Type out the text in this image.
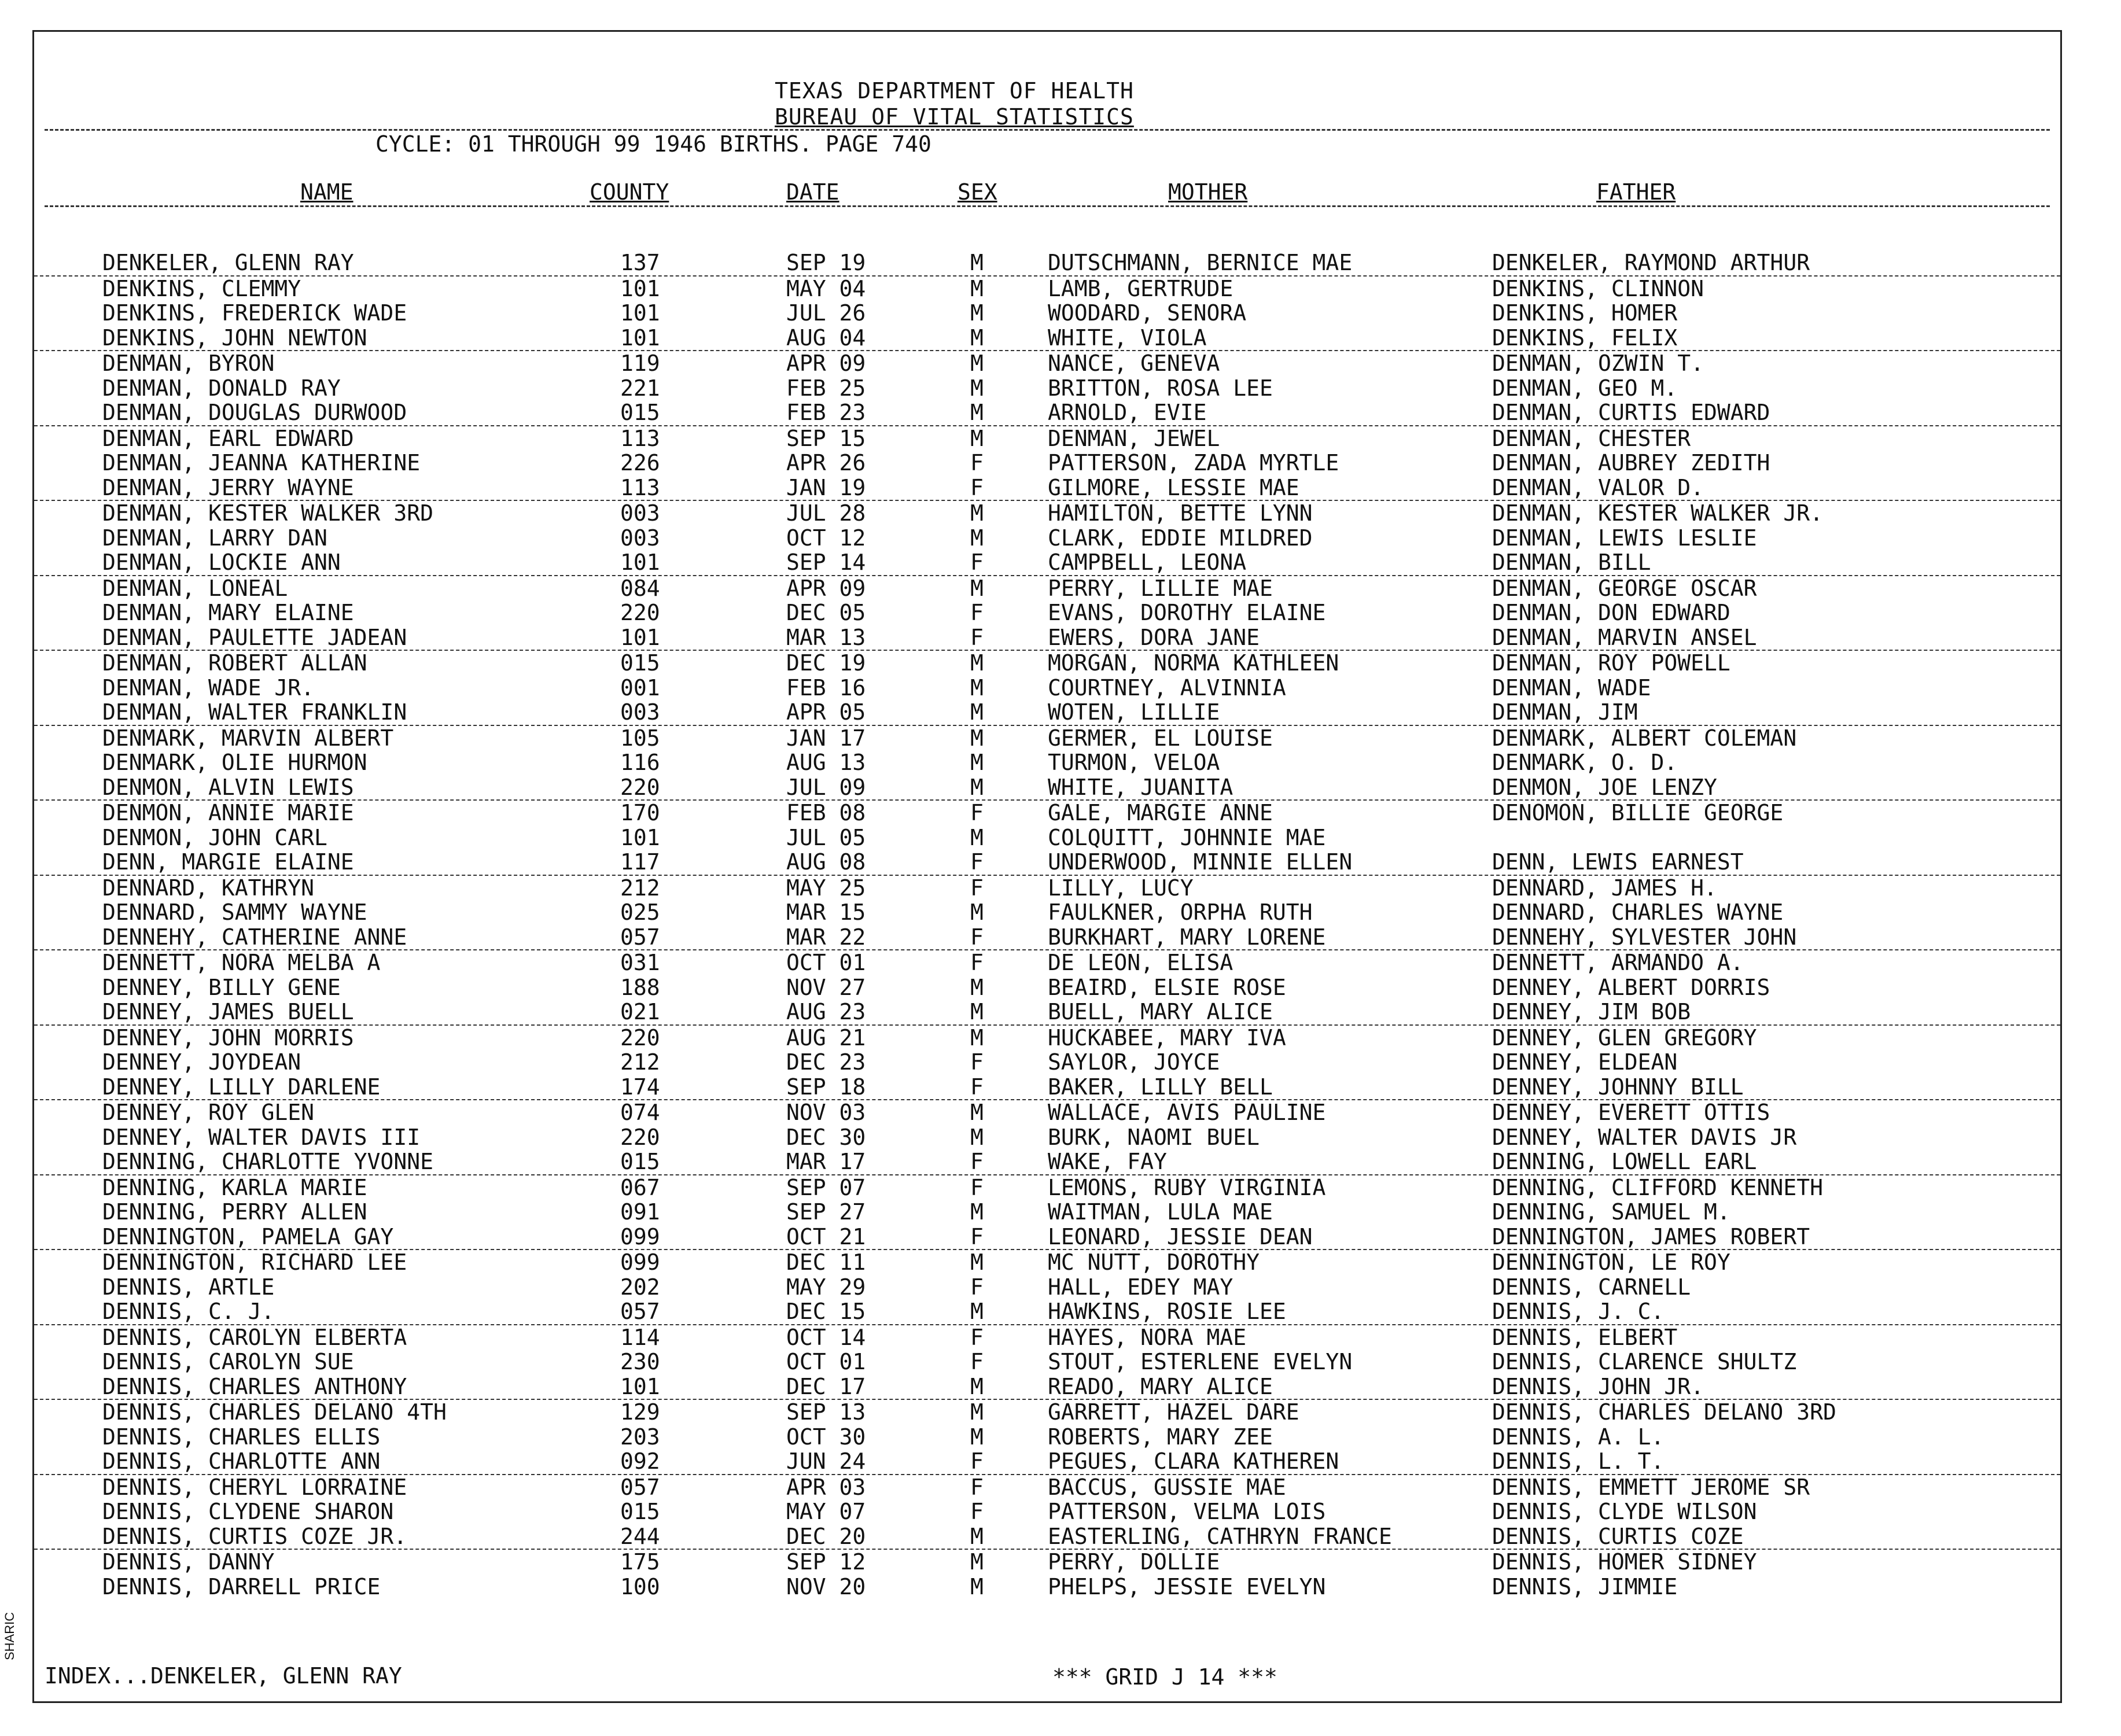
TEXAS DEPARTMENT OF HEALTH
BUREAU OF VITAL STATISTICS
CYCLE: 01 THROUGH 99 1946 BIRTHS. PAGE 740
NAME	COUNTY	DATE	SEX	MOTHER	FATHER
DENKELER, GLENN RAY	137	SEP 19	M	DUTSCHMANN, BERNICE MAE	DENKELER, RAYMOND ARTHUR
DENKINS, CLEMMY	101	MAY 04	M	LAMB, GERTRUDE	DENKINS, CLINNON
DENKINS, FREDERICK WADE	101	JUL 26	M	WOODARD, SENORA	DENKINS, HOMER
DENKINS, JOHN NEWTON	101	AUG 04	M	WHITE, VIOLA	DENKINS, FELIX
DENMAN, BYRON	119	APR 09	M	NANCE, GENEVA	DENMAN, OZWIN T.
DENMAN, DONALD RAY	221	FEB 25	M	BRITTON, ROSA LEE	DENMAN, GEO M.
DENMAN, DOUGLAS DURWOOD	015	FEB 23	M	ARNOLD, EVIE	DENMAN, CURTIS EDWARD
DENMAN, EARL EDWARD	113	SEP 15	M	DENMAN, JEWEL	DENMAN, CHESTER
DENMAN, JEANNA KATHERINE	226	APR 26	F	PATTERSON, ZADA MYRTLE	DENMAN, AUBREY ZEDITH
DENMAN, JERRY WAYNE	113	JAN 19	F	GILMORE, LESSIE MAE	DENMAN, VALOR D.
DENMAN, KESTER WALKER 3RD	003	JUL 28	M	HAMILTON, BETTE LYNN	DENMAN, KESTER WALKER JR.
DENMAN, LARRY DAN	003	OCT 12	M	CLARK, EDDIE MILDRED	DENMAN, LEWIS LESLIE
DENMAN, LOCKIE ANN	101	SEP 14	F	CAMPBELL, LEONA	DENMAN, BILL
DENMAN, LONEAL	084	APR 09	M	PERRY, LILLIE MAE	DENMAN, GEORGE OSCAR
DENMAN, MARY ELAINE	220	DEC 05	F	EVANS, DOROTHY ELAINE	DENMAN, DON EDWARD
DENMAN, PAULETTE JADEAN	101	MAR 13	F	EWERS, DORA JANE	DENMAN, MARVIN ANSEL
DENMAN, ROBERT ALLAN	015	DEC 19	M	MORGAN, NORMA KATHLEEN	DENMAN, ROY POWELL
DENMAN, WADE JR.	001	FEB 16	M	COURTNEY, ALVINNIA	DENMAN, WADE
DENMAN, WALTER FRANKLIN	003	APR 05	M	WOTEN, LILLIE	DENMAN, JIM
DENMARK, MARVIN ALBERT	105	JAN 17	M	GERMER, EL LOUISE	DENMARK, ALBERT COLEMAN
DENMARK, OLIE HURMON	116	AUG 13	M	TURMON, VELOA	DENMARK, O. D.
DENMON, ALVIN LEWIS	220	JUL 09	M	WHITE, JUANITA	DENMON, JOE LENZY
DENMON, ANNIE MARIE	170	FEB 08	F	GALE, MARGIE ANNE	DENOMON, BILLIE GEORGE
DENMON, JOHN CARL	101	JUL 05	M	COLQUITT, JOHNNIE MAE
DENN, MARGIE ELAINE	117	AUG 08	F	UNDERWOOD, MINNIE ELLEN	DENN, LEWIS EARNEST
DENNARD, KATHRYN	212	MAY 25	F	LILLY, LUCY	DENNARD, JAMES H.
DENNARD, SAMMY WAYNE	025	MAR 15	M	FAULKNER, ORPHA RUTH	DENNARD, CHARLES WAYNE
DENNEHY, CATHERINE ANNE	057	MAR 22	F	BURKHART, MARY LORENE	DENNEHY, SYLVESTER JOHN
DENNETT, NORA MELBA A	031	OCT 01	F	DE LEON, ELISA	DENNETT, ARMANDO A.
DENNEY, BILLY GENE	188	NOV 27	M	BEAIRD, ELSIE ROSE	DENNEY, ALBERT DORRIS
DENNEY, JAMES BUELL	021	AUG 23	M	BUELL, MARY ALICE	DENNEY, JIM BOB
DENNEY, JOHN MORRIS	220	AUG 21	M	HUCKABEE, MARY IVA	DENNEY, GLEN GREGORY
DENNEY, JOYDEAN	212	DEC 23	F	SAYLOR, JOYCE	DENNEY, ELDEAN
DENNEY, LILLY DARLENE	174	SEP 18	F	BAKER, LILLY BELL	DENNEY, JOHNNY BILL
DENNEY, ROY GLEN	074	NOV 03	M	WALLACE, AVIS PAULINE	DENNEY, EVERETT OTTIS
DENNEY, WALTER DAVIS III	220	DEC 30	M	BURK, NAOMI BUEL	DENNEY, WALTER DAVIS JR
DENNING, CHARLOTTE YVONNE	015	MAR 17	F	WAKE, FAY	DENNING, LOWELL EARL
DENNING, KARLA MARIE	067	SEP 07	F	LEMONS, RUBY VIRGINIA	DENNING, CLIFFORD KENNETH
DENNING, PERRY ALLEN	091	SEP 27	M	WAITMAN, LULA MAE	DENNING, SAMUEL M.
DENNINGTON, PAMELA GAY	099	OCT 21	F	LEONARD, JESSIE DEAN	DENNINGTON, JAMES ROBERT
DENNINGTON, RICHARD LEE	099	DEC 11	M	MC NUTT, DOROTHY	DENNINGTON, LE ROY
DENNIS, ARTLE	202	MAY 29	F	HALL, EDEY MAY	DENNIS, CARNELL
DENNIS, C. J.	057	DEC 15	M	HAWKINS, ROSIE LEE	DENNIS, J. C.
DENNIS, CAROLYN ELBERTA	114	OCT 14	F	HAYES, NORA MAE	DENNIS, ELBERT
DENNIS, CAROLYN SUE	230	OCT 01	F	STOUT, ESTERLENE EVELYN	DENNIS, CLARENCE SHULTZ
DENNIS, CHARLES ANTHONY	101	DEC 17	M	READO, MARY ALICE	DENNIS, JOHN JR.
DENNIS, CHARLES DELANO 4TH	129	SEP 13	M	GARRETT, HAZEL DARE	DENNIS, CHARLES DELANO 3RD
DENNIS, CHARLES ELLIS	203	OCT 30	M	ROBERTS, MARY ZEE	DENNIS, A. L.
DENNIS, CHARLOTTE ANN	092	JUN 24	F	PEGUES, CLARA KATHEREN	DENNIS, L. T.
DENNIS, CHERYL LORRAINE	057	APR 03	F	BACCUS, GUSSIE MAE	DENNIS, EMMETT JEROME SR
DENNIS, CLYDENE SHARON	015	MAY 07	F	PATTERSON, VELMA LOIS	DENNIS, CLYDE WILSON
DENNIS, CURTIS COZE JR.	244	DEC 20	M	EASTERLING, CATHRYN FRANCE	DENNIS, CURTIS COZE
DENNIS, DANNY	175	SEP 12	M	PERRY, DOLLIE	DENNIS, HOMER SIDNEY
DENNIS, DARRELL PRICE	100	NOV 20	M	PHELPS, JESSIE EVELYN	DENNIS, JIMMIE
INDEX...DENKELER, GLENN RAY	*** GRID J 14 ***
SHARIC
